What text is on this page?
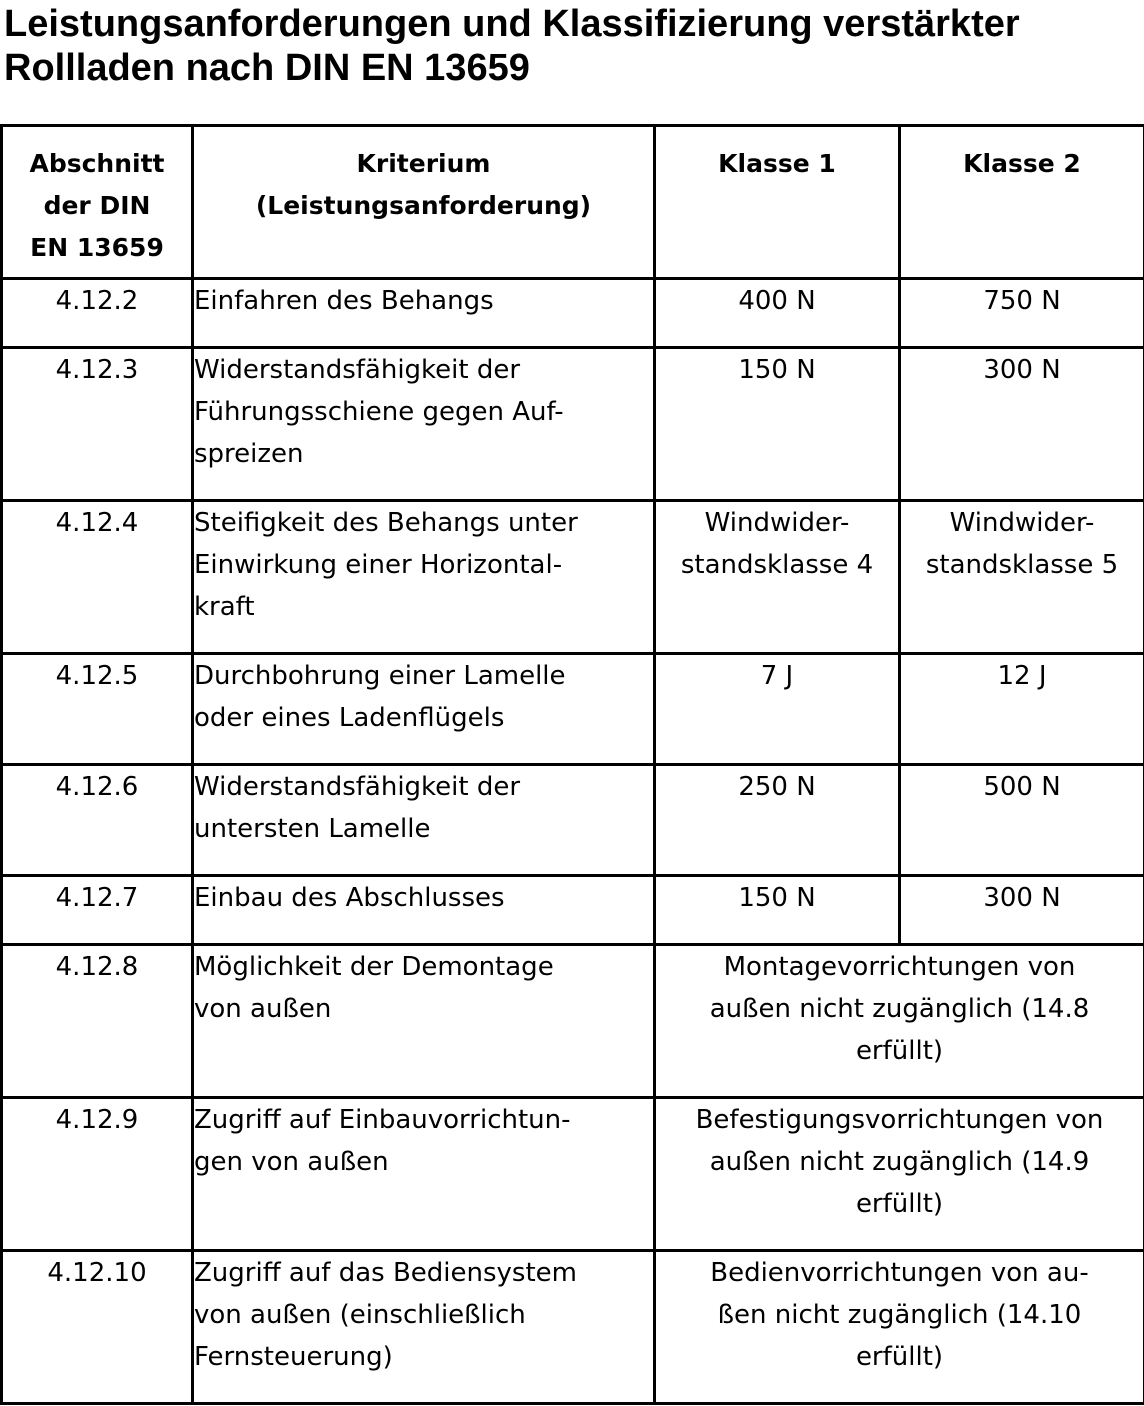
Leistungsanforderungen und Klassifizierung verstärkter
Rollladen nach DIN EN 13659
Abschnitt
der DIN
EN 13659	Kriterium
(Leistungsanforderung)	Klasse 1	Klasse 2
4.12.2	Einfahren des Behangs	400 N	750 N
4.12.3	Widerstandsfähigkeit der
Führungsschiene gegen Auf-
spreizen	150 N	300 N
4.12.4	Steifigkeit des Behangs unter
Einwirkung einer Horizontal-
kraft	Windwider-
standsklasse 4	Windwider-
standsklasse 5
4.12.5	Durchbohrung einer Lamelle
oder eines Ladenflügels	7 J	12 J
4.12.6	Widerstandsfähigkeit der
untersten Lamelle	250 N	500 N
4.12.7	Einbau des Abschlusses	150 N	300 N
4.12.8	Möglichkeit der Demontage
von außen	Montagevorrichtungen von
außen nicht zugänglich (14.8
erfüllt)	
4.12.9	Zugriff auf Einbauvorrichtun-
gen von außen	Befestigungsvorrichtungen von
außen nicht zugänglich (14.9
erfüllt)	
4.12.10	Zugriff auf das Bediensystem
von außen (einschließlich
Fernsteuerung)	Bedienvorrichtungen von au-
ßen nicht zugänglich (14.10
erfüllt)	
